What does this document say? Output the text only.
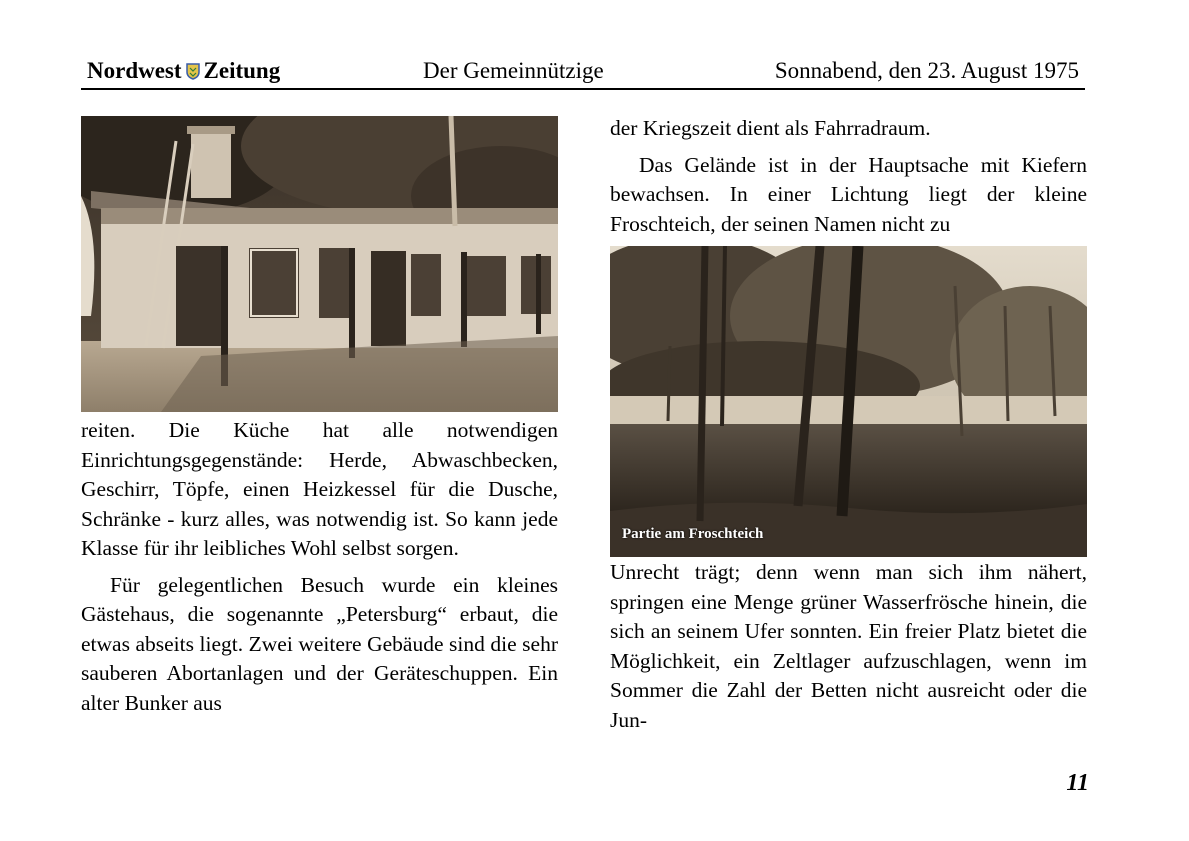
Nordwest Zeitung	Der Gemeinnützige	Sonnabend, den 23. August 1975

reiten. Die Küche hat alle notwendigen Einrichtungsgegenstände: Herde, Abwaschbecken, Geschirr, Töpfe, einen Heizkessel für die Dusche, Schränke - kurz alles, was notwendig ist. So kann jede Klasse für ihr leibliches Wohl selbst sorgen.

Für gelegentlichen Besuch wurde ein kleines Gästehaus, die sogenannte „Petersburg“ erbaut, die etwas abseits liegt. Zwei weitere Gebäude sind die sehr sauberen Abortanlagen und der Geräteschuppen. Ein alter Bunker aus

der Kriegszeit dient als Fahrradraum.

Das Gelände ist in der Hauptsache mit Kiefern bewachsen. In einer Lichtung liegt der kleine Froschteich, der seinen Namen nicht zu

Partie am Froschteich

Unrecht trägt; denn wenn man sich ihm nähert, springen eine Menge grüner Wasserfrösche hinein, die sich an seinem Ufer sonnten. Ein freier Platz bietet die Möglichkeit, ein Zeltlager aufzuschlagen, wenn im Sommer die Zahl der Betten nicht ausreicht oder die Jun-

11
